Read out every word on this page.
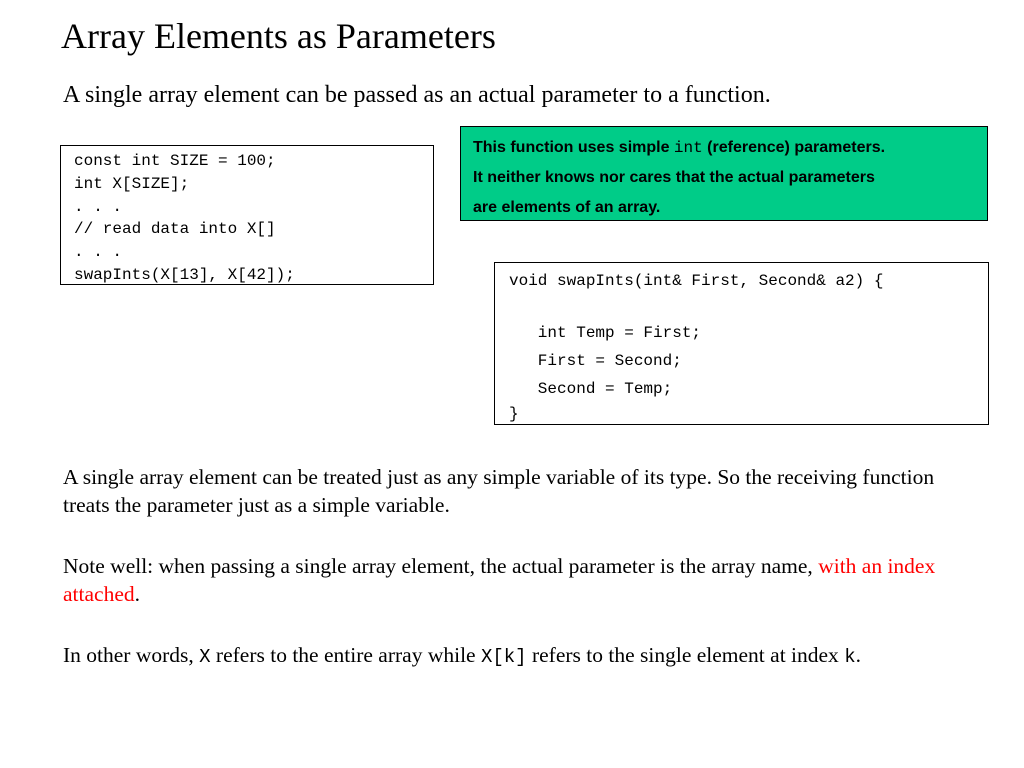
Array Elements as Parameters
A single array element can be passed as an actual parameter to a function.
const int SIZE = 100;
int X[SIZE];
. . .
// read data into X[]
. . .
swapInts(X[13], X[42]);
This function uses simple int (reference) parameters.
It neither knows nor cares that the actual parameters
are elements of an array.
void swapInts(int& First, Second& a2) {
int Temp = First;
First = Second;
Second = Temp;
}
A single array element can be treated just as any simple variable of its type. So the receiving function treats the parameter just as a simple variable.
Note well: when passing a single array element, the actual parameter is the array name, with an index attached.
In other words, X refers to the entire array while X[k] refers to the single element at index k.
